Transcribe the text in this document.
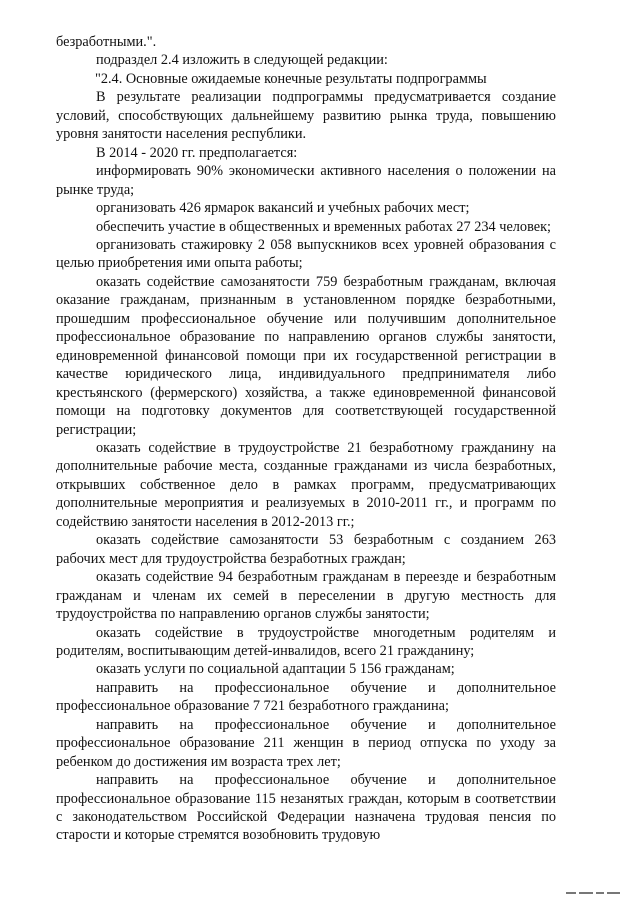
безработными.".

подраздел 2.4 изложить в следующей редакции:

"2.4. Основные ожидаемые конечные результаты подпрограммы

В результате реализации подпрограммы предусматривается создание условий, способствующих дальнейшему развитию рынка труда, повышению уровня занятости населения республики.

В 2014 - 2020 гг. предполагается:

информировать 90% экономически активного населения о положении на рынке труда;

организовать 426 ярмарок вакансий и учебных рабочих мест;

обеспечить участие в общественных и временных работах 27 234 человек;

организовать стажировку 2 058 выпускников всех уровней образования с целью приобретения ими опыта работы;

оказать содействие самозанятости 759 безработным гражданам, включая оказание гражданам, признанным в установленном порядке безработными, прошедшим профессиональное обучение или получившим дополнительное профессиональное образование по направлению органов службы занятости, единовременной финансовой помощи при их государственной регистрации в качестве юридического лица, индивидуального предпринимателя либо крестьянского (фермерского) хозяйства, а также единовременной финансовой помощи на подготовку документов для соответствующей государственной регистрации;

оказать содействие в трудоустройстве 21 безработному гражданину на дополнительные рабочие места, созданные гражданами из числа безработных, открывших собственное дело в рамках программ, предусматривающих дополнительные мероприятия и реализуемых в 2010-2011 гг., и программ по содействию занятости населения в 2012-2013 гг.;

оказать содействие самозанятости 53 безработным с созданием 263 рабочих мест для трудоустройства безработных граждан;

оказать содействие 94 безработным гражданам в переезде и безработным гражданам и членам их семей в переселении в другую местность для трудоустройства по направлению органов службы занятости;

оказать содействие в трудоустройстве многодетным родителям и родителям, воспитывающим детей-инвалидов, всего 21 гражданину;

оказать услуги по социальной адаптации 5 156 гражданам;

направить на профессиональное обучение и дополнительное профессиональное образование 7 721 безработного гражданина;

направить на профессиональное обучение и дополнительное профессиональное образование 211 женщин в период отпуска по уходу за ребенком до достижения им возраста трех лет;

направить на профессиональное обучение и дополнительное профессиональное образование 115 незанятых граждан, которым в соответствии с законодательством Российской Федерации назначена трудовая пенсия по старости и которые стремятся возобновить трудовую
